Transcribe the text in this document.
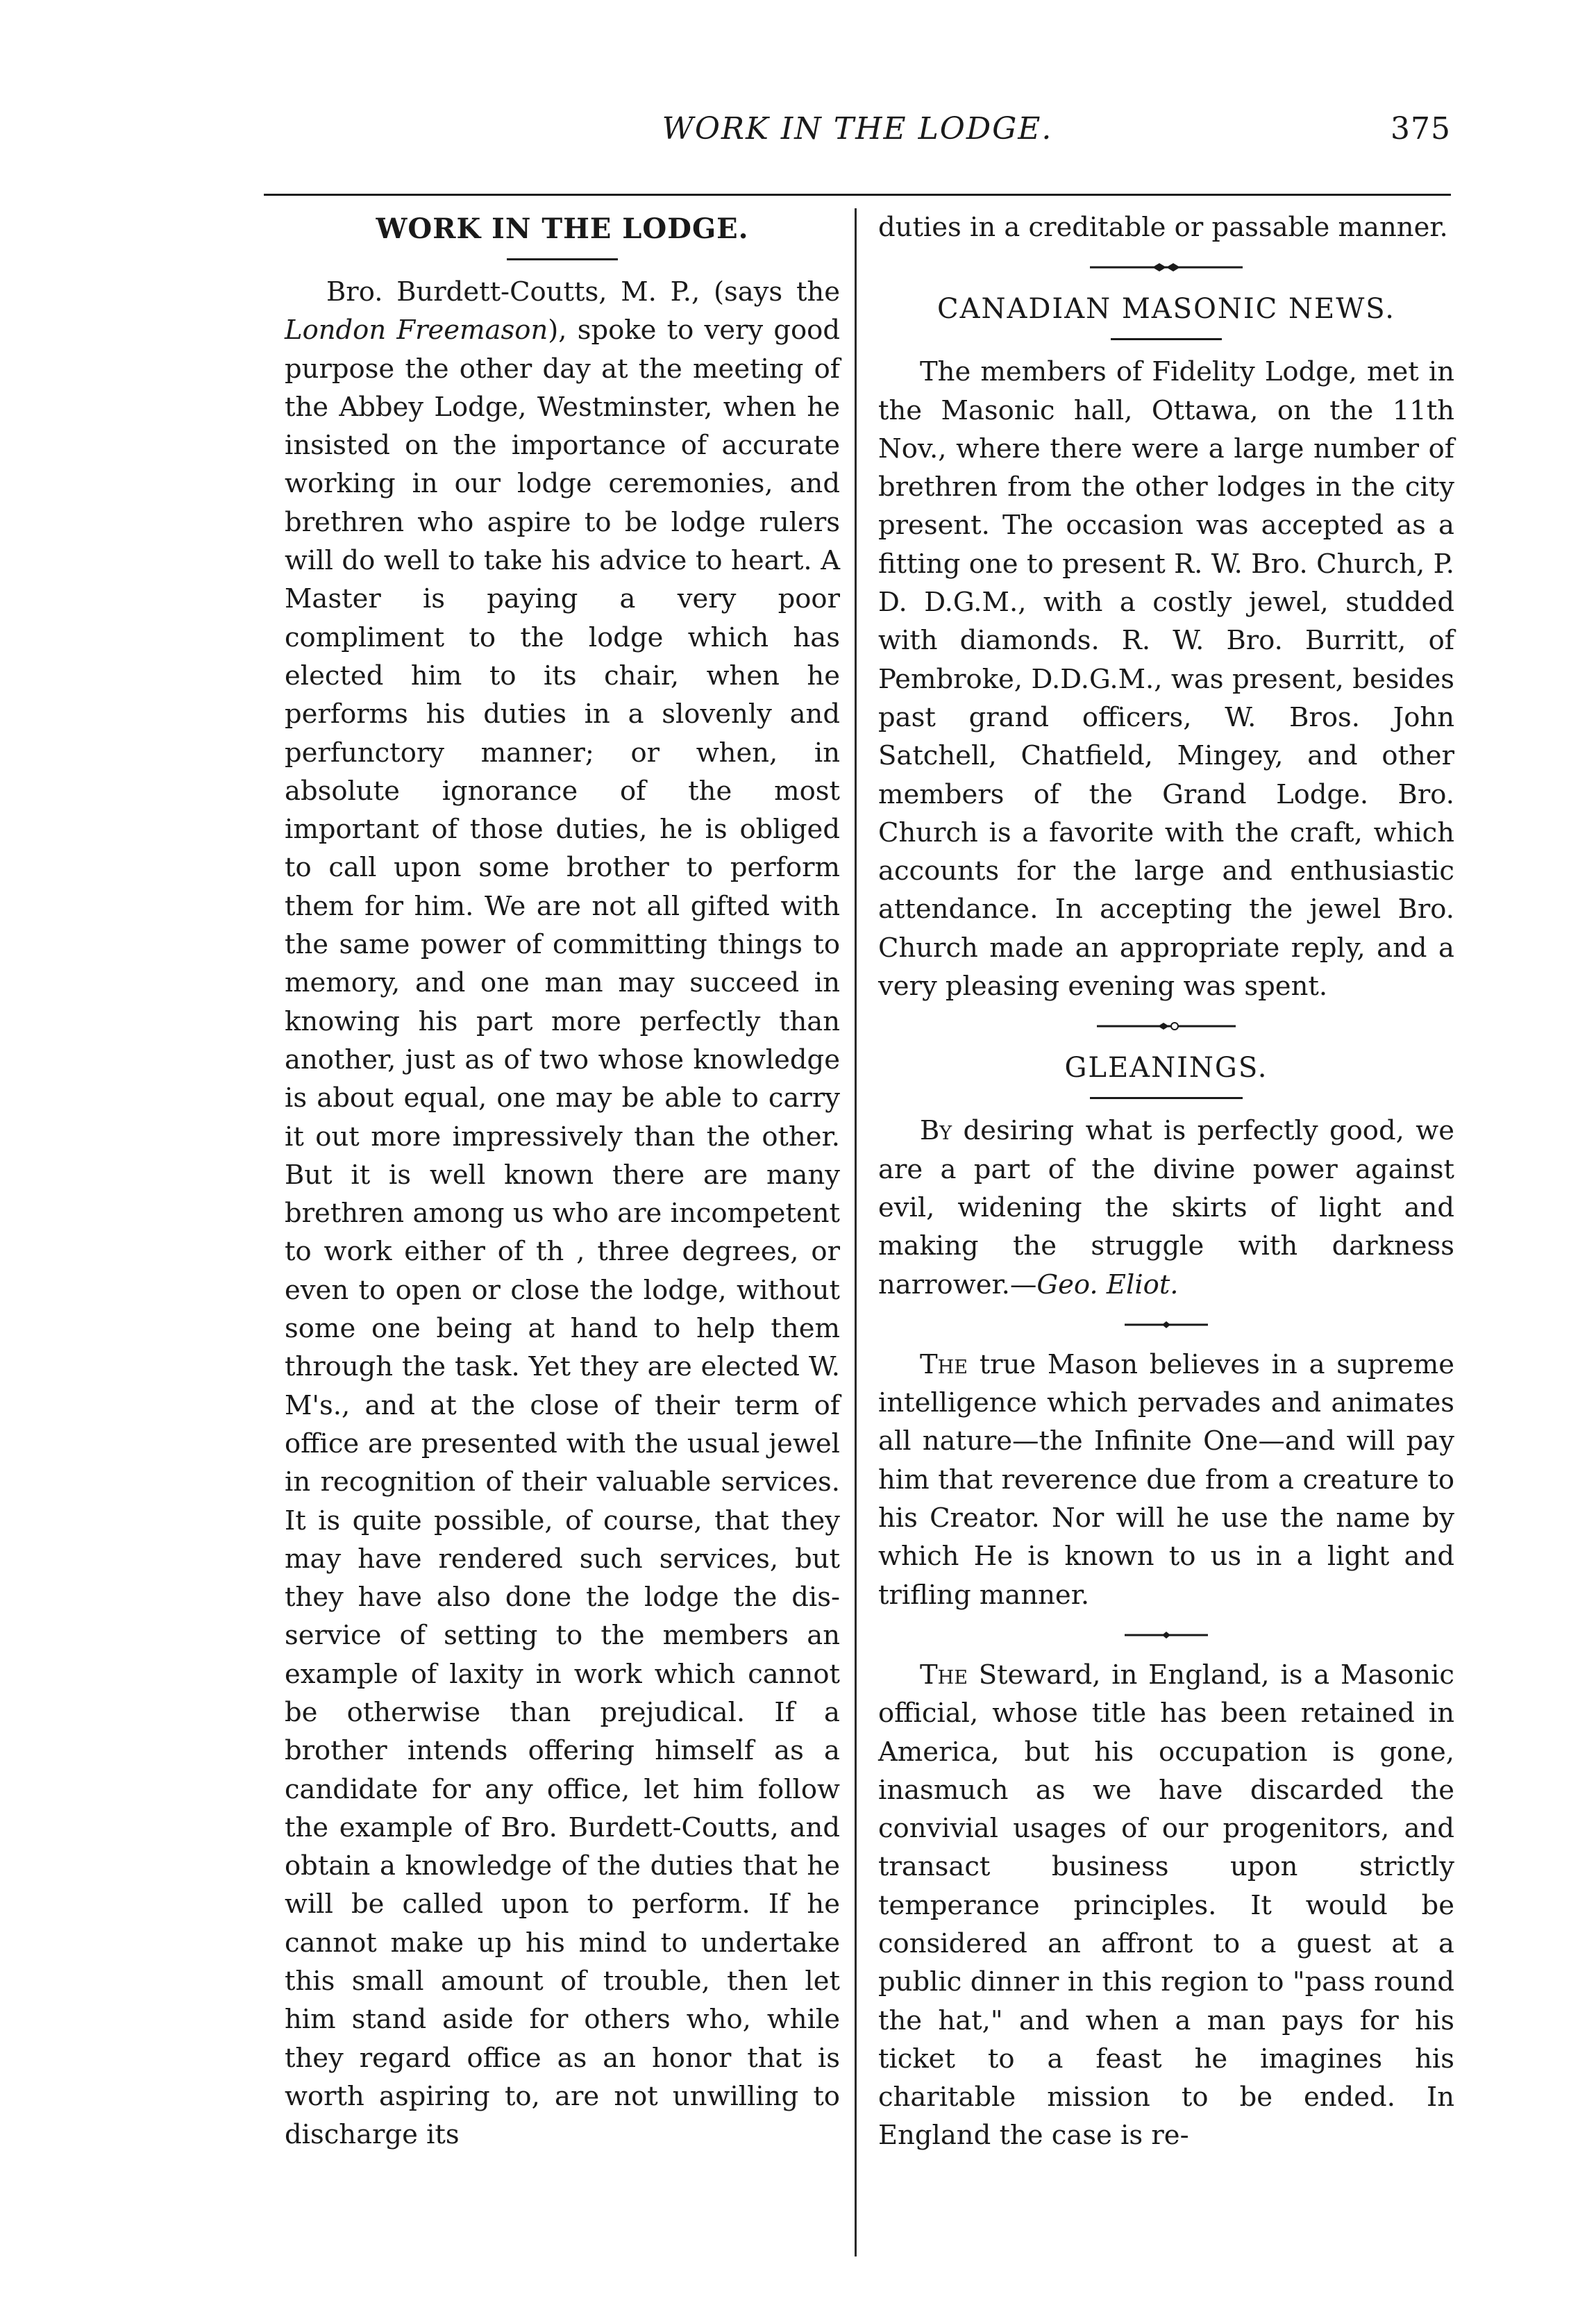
WORK IN THE LODGE.	375
WORK IN THE LODGE.

Bro. Burdett-Coutts, M. P., (says the London Freemason), spoke to very good purpose the other day at the meeting of the Abbey Lodge, Westminster, when he insisted on the importance of accurate working in our lodge ceremonies, and brethren who aspire to be lodge rulers will do well to take his advice to heart. A Master is paying a very poor compliment to the lodge which has elected him to its chair, when he performs his duties in a slovenly and perfunctory manner; or when, in absolute ignorance of the most important of those duties, he is obliged to call upon some brother to perform them for him. We are not all gifted with the same power of committing things to memory, and one man may succeed in knowing his part more perfectly than another, just as of two whose knowledge is about equal, one may be able to carry it out more impressively than the other. But it is well known there are many brethren among us who are incompetent to work either of th , three degrees, or even to open or close the lodge, without some one being at hand to help them through the task. Yet they are elected W. M's., and at the close of their term of office are presented with the usual jewel in recognition of their valuable services. It is quite possible, of course, that they may have rendered such services, but they have also done the lodge the dis-service of setting to the members an example of laxity in work which cannot be otherwise than prejudical. If a brother intends offering himself as a candidate for any office, let him follow the example of Bro. Burdett-Coutts, and obtain a knowledge of the duties that he will be called upon to perform. If he cannot make up his mind to undertake this small amount of trouble, then let him stand aside for others who, while they regard office as an honor that is worth aspiring to, are not unwilling to discharge its

duties in a creditable or passable manner.

CANADIAN MASONIC NEWS.

The members of Fidelity Lodge, met in the Masonic hall, Ottawa, on the 11th Nov., where there were a large number of brethren from the other lodges in the city present. The occasion was accepted as a fitting one to present R. W. Bro. Church, P. D. D.G.M., with a costly jewel, studded with diamonds. R. W. Bro. Burritt, of Pembroke, D.D.G.M., was present, besides past grand officers, W. Bros. John Satchell, Chatfield, Mingey, and other members of the Grand Lodge. Bro. Church is a favorite with the craft, which accounts for the large and enthusiastic attendance. In accepting the jewel Bro. Church made an appropriate reply, and a very pleasing evening was spent.

GLEANINGS.

By desiring what is perfectly good, we are a part of the divine power against evil, widening the skirts of light and making the struggle with darkness narrower.—Geo. Eliot.

The true Mason believes in a supreme intelligence which pervades and animates all nature—the Infinite One—and will pay him that reverence due from a creature to his Creator. Nor will he use the name by which He is known to us in a light and trifling manner.

The Steward, in England, is a Masonic official, whose title has been retained in America, but his occupation is gone, inasmuch as we have discarded the convivial usages of our progenitors, and transact business upon strictly temperance principles. It would be considered an affront to a guest at a public dinner in this region to "pass round the hat," and when a man pays for his ticket to a feast he imagines his charitable mission to be ended. In England the case is re-
